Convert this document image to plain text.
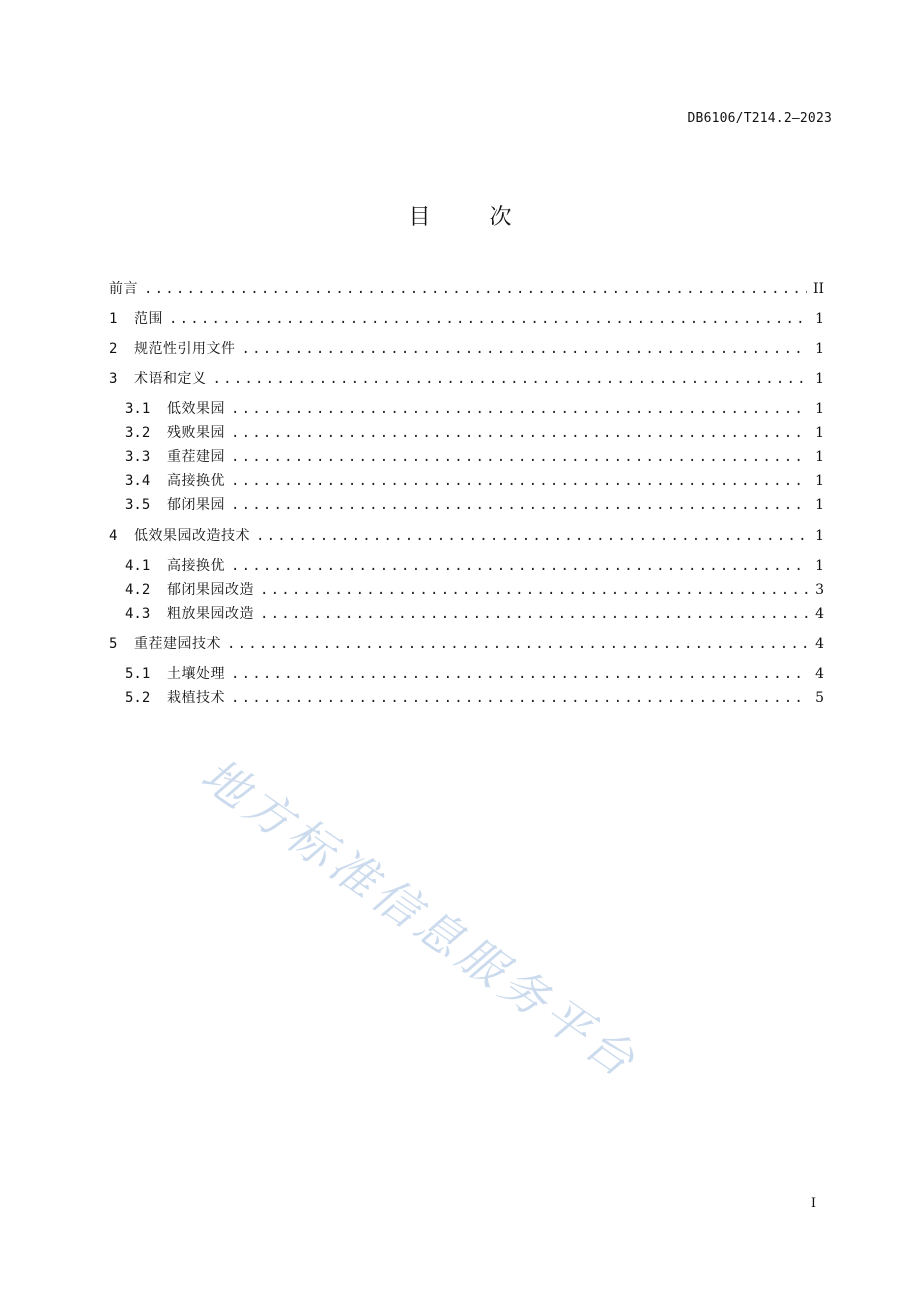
DB6106/T214.2—2023
目 次
前言 .....	II
1	范围 .....	1
2	规范性引用文件 .....	1
3	术语和定义 .....	1
3.1	低效果园 .....	1
3.2	残败果园 .....	1
3.3	重茬建园 .....	1
3.4	高接换优 .....	1
3.5	郁闭果园 .....	1
4	低效果园改造技术 .....	1
4.1	高接换优 .....	1
4.2	郁闭果园改造 .....	3
4.3	粗放果园改造 .....	4
5	重茬建园技术 .....	4
5.1	土壤处理 .....	4
5.2	栽植技术 .....	5
地方标准信息服务平台
I
